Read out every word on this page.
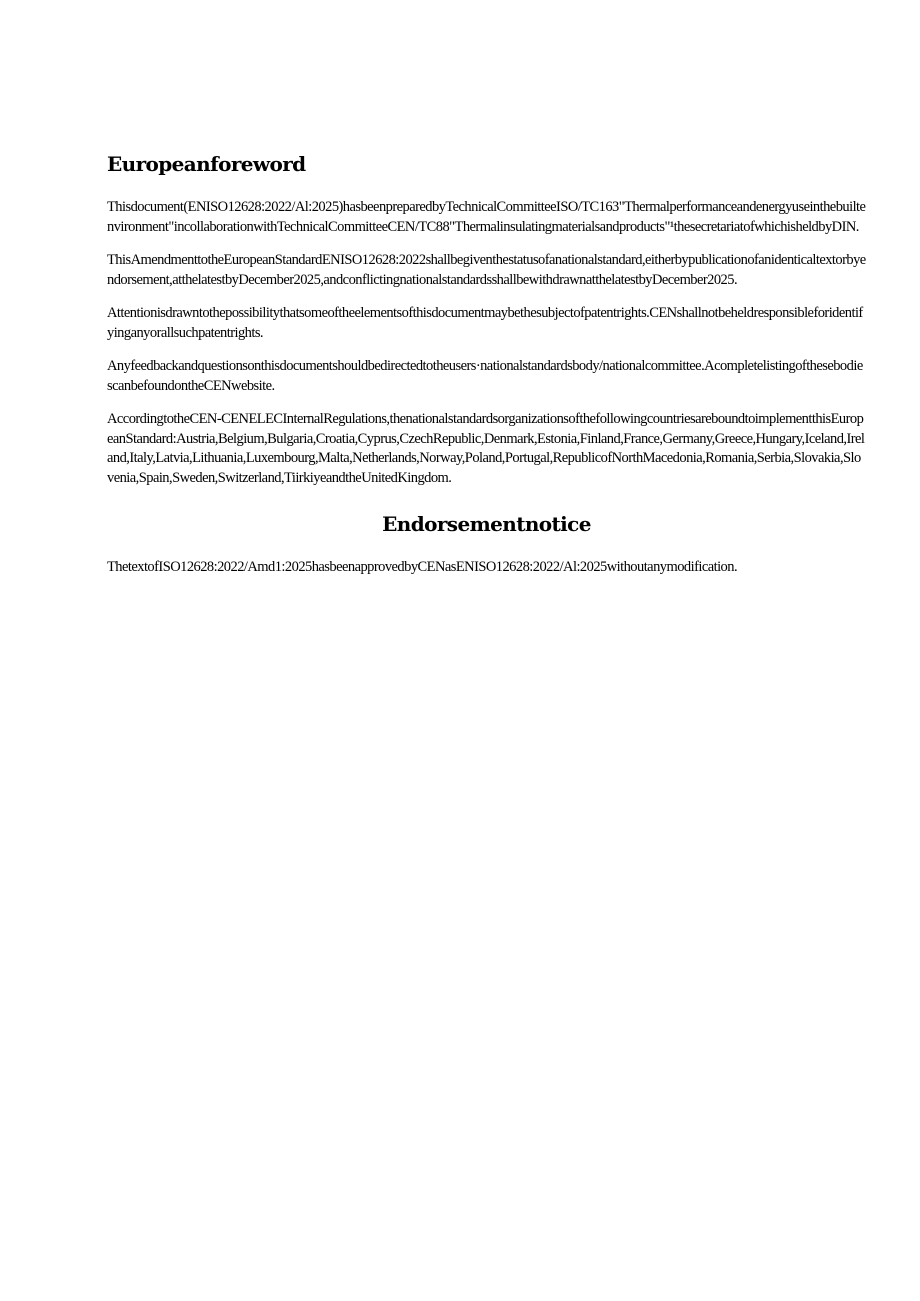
Europeanforeword

Thisdocument(ENISO12628:2022/Al:2025)hasbeenpreparedbyTechnicalCommitteeISO/TC163"Thermalperformanceandenergyuseinthebuiltenvironment"incollaborationwithTechnicalCommitteeCEN/TC88"Thermalinsulatingmaterialsandproducts"¹thesecretariatofwhichisheldbyDIN.

ThisAmendmenttotheEuropeanStandardENISO12628:2022shallbegiventhestatusofanationalstandard,eitherbypublicationofanidenticaltextorbyendorsement,atthelatestbyDecember2025,andconflictingnationalstandardsshallbewithdrawnatthelatestbyDecember2025.

Attentionisdrawntothepossibilitythatsomeoftheelementsofthisdocumentmaybethesubjectofpatentrights.CENshallnotbeheldresponsibleforidentifyinganyorallsuchpatentrights.

Anyfeedbackandquestionsonthisdocumentshouldbedirectedtotheusers·nationalstandardsbody/nationalcommittee.AcompletelistingofthesebodiescanbefoundontheCENwebsite.

AccordingtotheCEN-CENELECInternalRegulations,thenationalstandardsorganizationsofthefollowingcountriesareboundtoimplementthisEuropeanStandard:Austria,Belgium,Bulgaria,Croatia,Cyprus,CzechRepublic,Denmark,Estonia,Finland,France,Germany,Greece,Hungary,Iceland,Ireland,Italy,Latvia,Lithuania,Luxembourg,Malta,Netherlands,Norway,Poland,Portugal,RepublicofNorthMacedonia,Romania,Serbia,Slovakia,Slovenia,Spain,Sweden,Switzerland,TiirkiyeandtheUnitedKingdom.

Endorsementnotice

ThetextofISO12628:2022/Amd1:2025hasbeenapprovedbyCENasENISO12628:2022/Al:2025withoutanymodification.
